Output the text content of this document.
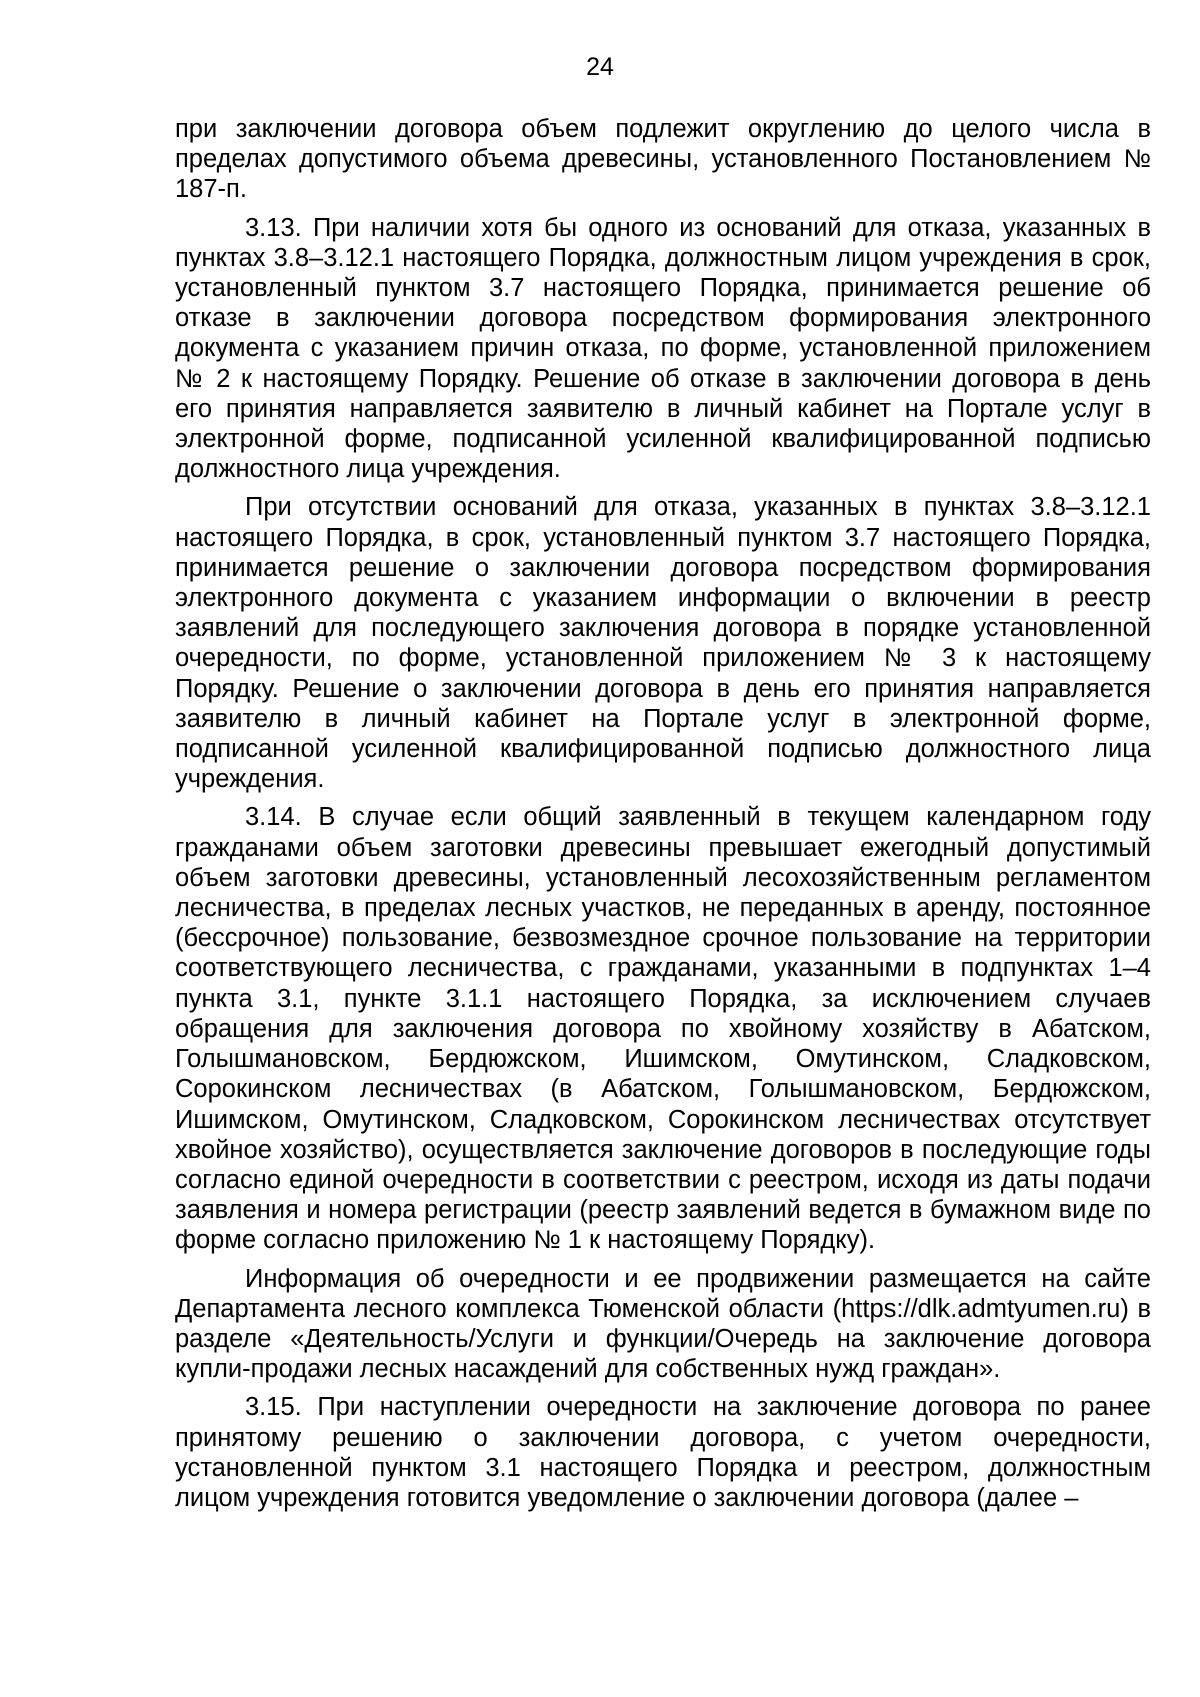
24

при заключении договора объем подлежит округлению до целого числа в пределах допустимого объема древесины, установленного Постановлением № 187-п.

3.13. При наличии хотя бы одного из оснований для отказа, указанных в пунктах 3.8–3.12.1 настоящего Порядка, должностным лицом учреждения в срок, установленный пунктом 3.7 настоящего Порядка, принимается решение об отказе в заключении договора посредством формирования электронного документа с указанием причин отказа, по форме, установленной приложением № 2 к настоящему Порядку. Решение об отказе в заключении договора в день его принятия направляется заявителю в личный кабинет на Портале услуг в электронной форме, подписанной усиленной квалифицированной подписью должностного лица учреждения.

При отсутствии оснований для отказа, указанных в пунктах 3.8–3.12.1 настоящего Порядка, в срок, установленный пунктом 3.7 настоящего Порядка, принимается решение о заключении договора посредством формирования электронного документа с указанием информации о включении в реестр заявлений для последующего заключения договора в порядке установленной очередности, по форме, установленной приложением № 3 к настоящему Порядку. Решение о заключении договора в день его принятия направляется заявителю в личный кабинет на Портале услуг в электронной форме, подписанной усиленной квалифицированной подписью должностного лица учреждения.

3.14. В случае если общий заявленный в текущем календарном году гражданами объем заготовки древесины превышает ежегодный допустимый объем заготовки древесины, установленный лесохозяйственным регламентом лесничества, в пределах лесных участков, не переданных в аренду, постоянное (бессрочное) пользование, безвозмездное срочное пользование на территории соответствующего лесничества, с гражданами, указанными в подпунктах 1–4 пункта 3.1, пункте 3.1.1 настоящего Порядка, за исключением случаев обращения для заключения договора по хвойному хозяйству в Абатском, Голышмановском, Бердюжском, Ишимском, Омутинском, Сладковском, Сорокинском лесничествах (в Абатском, Голышмановском, Бердюжском, Ишимском, Омутинском, Сладковском, Сорокинском лесничествах отсутствует хвойное хозяйство), осуществляется заключение договоров в последующие годы согласно единой очередности в соответствии с реестром, исходя из даты подачи заявления и номера регистрации (реестр заявлений ведется в бумажном виде по форме согласно приложению № 1 к настоящему Порядку).

Информация об очередности и ее продвижении размещается на сайте Департамента лесного комплекса Тюменской области (https://dlk.admtyumen.ru) в разделе «Деятельность/Услуги и функции/Очередь на заключение договора купли-продажи лесных насаждений для собственных нужд граждан».

3.15. При наступлении очередности на заключение договора по ранее принятому решению о заключении договора, с учетом очередности, установленной пунктом 3.1 настоящего Порядка и реестром, должностным лицом учреждения готовится уведомление о заключении договора (далее –
